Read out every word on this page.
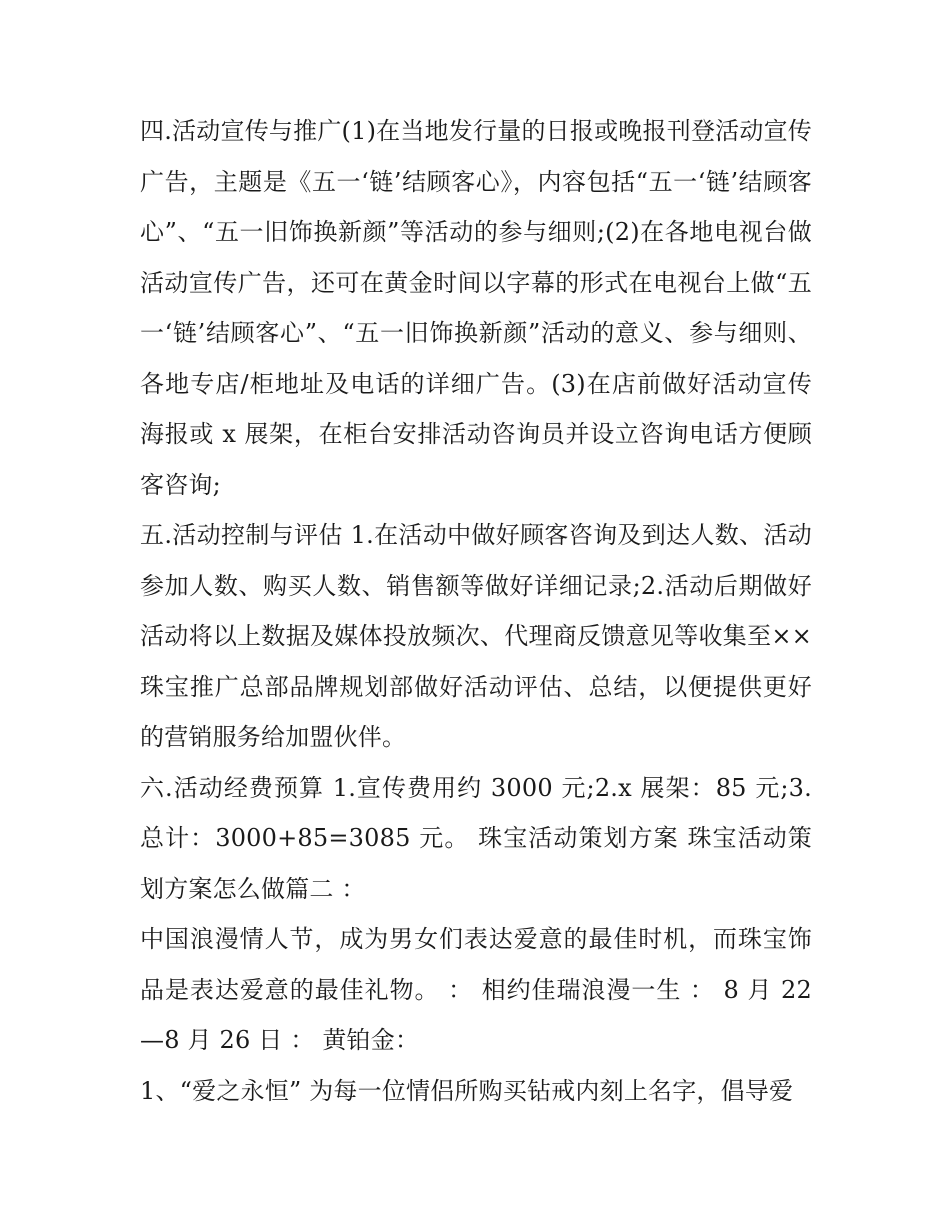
四.活动宣传与推广(1)在当地发行量的日报或晚报刊登活动宣传广告，主题是《五一‘链’结顾客心》，内容包括“五一‘链’结顾客心”、“五一旧饰换新颜”等活动的参与细则;(2)在各地电视台做活动宣传广告，还可在黄金时间以字幕的形式在电视台上做“五一‘链’结顾客心”、“五一旧饰换新颜”活动的意义、参与细则、各地专店/柜地址及电话的详细广告。(3)在店前做好活动宣传海报或 x 展架，在柜台安排活动咨询员并设立咨询电话方便顾客咨询;

五.活动控制与评估 1.在活动中做好顾客咨询及到达人数、活动参加人数、购买人数、销售额等做好详细记录;2.活动后期做好活动将以上数据及媒体投放频次、代理商反馈意见等收集至××珠宝推广总部品牌规划部做好活动评估、总结，以便提供更好的营销服务给加盟伙伴。

六.活动经费预算 1.宣传费用约 3000 元;2.x 展架：85 元;3.总计：3000+85=3085 元。 珠宝活动策划方案 珠宝活动策划方案怎么做篇二 ：

中国浪漫情人节，成为男女们表达爱意的最佳时机，而珠宝饰品是表达爱意的最佳礼物。 ： 相约佳瑞浪漫一生 ： 8 月 22—8 月 26 日 ： 黄铂金：

1、“爱之永恒” 为每一位情侣所购买钻戒内刻上名字，倡导爱
